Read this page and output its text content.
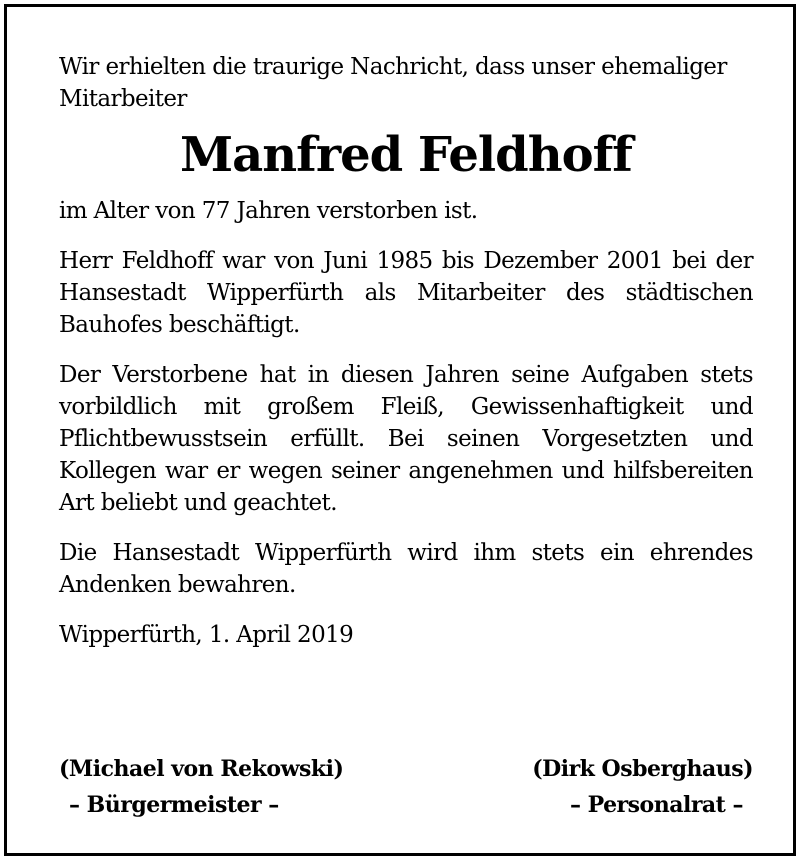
Wir erhielten die traurige Nachricht, dass unser ehemaliger Mitarbeiter

Manfred Feldhoff

im Alter von 77 Jahren verstorben ist.

Herr Feldhoff war von Juni 1985 bis Dezember 2001 bei der Hansestadt Wipperfürth als Mitarbeiter des städtischen Bauhofes beschäftigt.

Der Verstorbene hat in diesen Jahren seine Aufgaben stets vorbildlich mit großem Fleiß, Gewissenhaftigkeit und Pflichtbewusstsein erfüllt. Bei seinen Vorgesetzten und Kollegen war er wegen seiner angenehmen und hilfsbereiten Art beliebt und geachtet.

Die Hansestadt Wipperfürth wird ihm stets ein ehrendes Andenken bewahren.

Wipperfürth, 1. April 2019

(Michael von Rekowski)
– Bürgermeister –
(Dirk Osberghaus)
– Personalrat –
